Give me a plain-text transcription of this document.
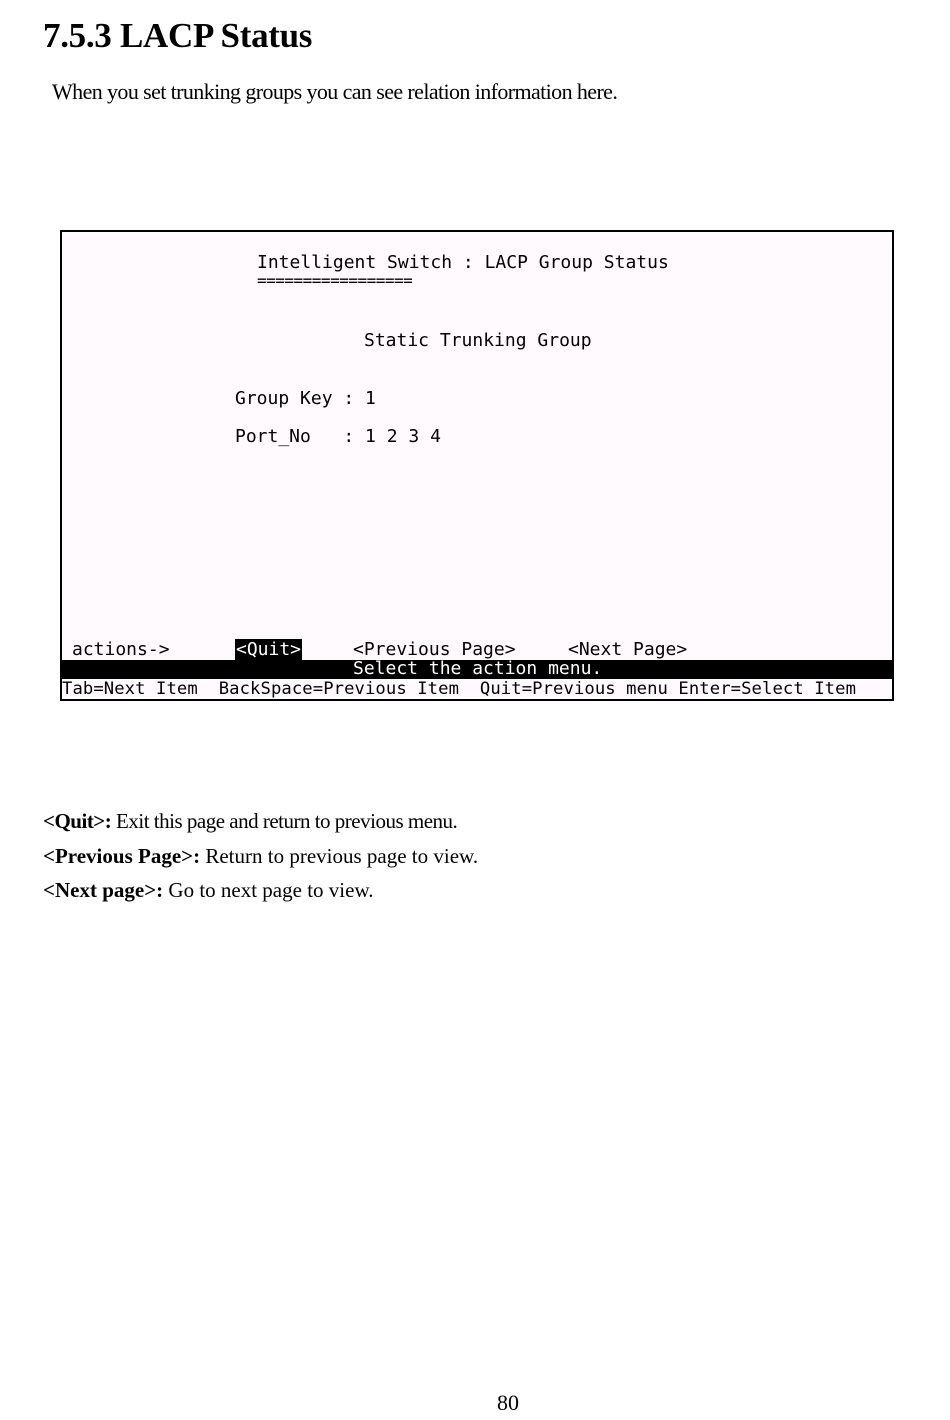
7.5.3 LACP Status

When you set trunking groups you can see relation information here.

Intelligent Switch : LACP Group Status
=================
Static Trunking Group
Group Key : 1
Port_No   : 1 2 3 4
actions->	<Quit>	<Previous Page>	<Next Page>
Select the action menu.
Tab=Next Item  BackSpace=Previous Item  Quit=Previous menu Enter=Select Item

<Quit>: Exit this page and return to previous menu.

<Previous Page>: Return to previous page to view.

<Next page>: Go to next page to view.

80
